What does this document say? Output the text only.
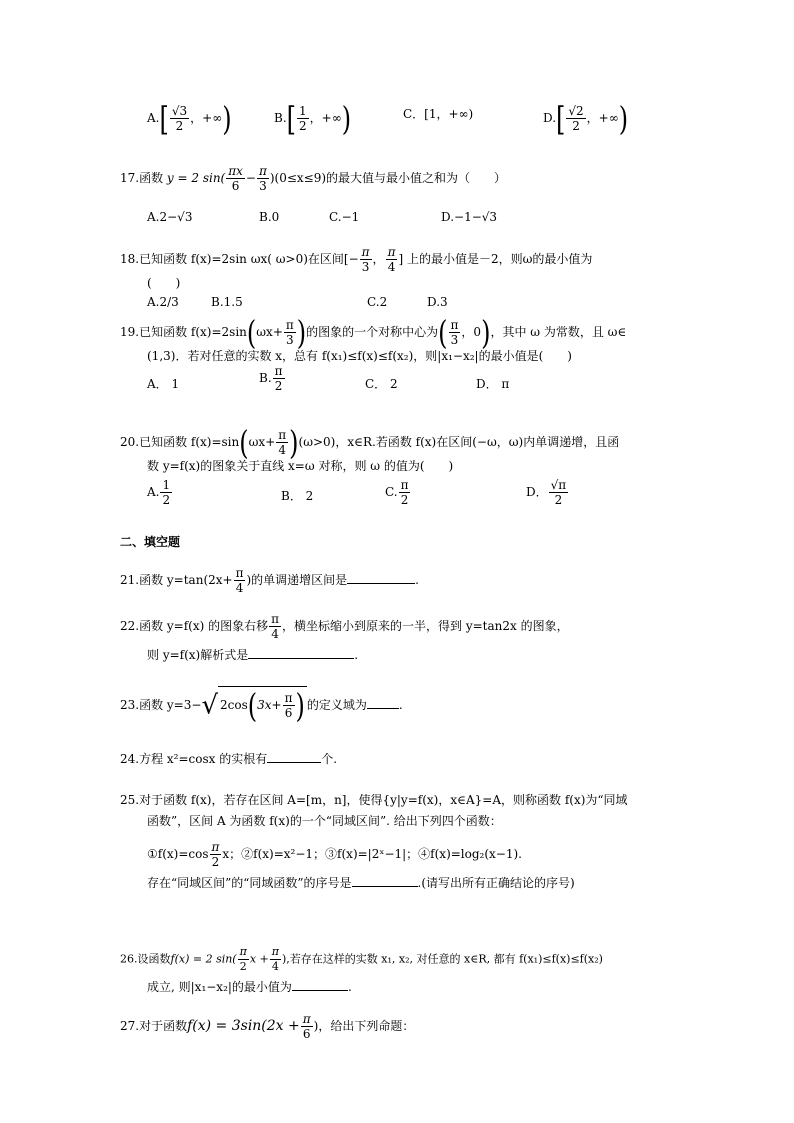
$A.[ \frac{√3}{2}$ ，+∞)	$B.[ \frac{1}{2}$ ，+∞)	C．[1，+∞)	$D.[ \frac{√2}{2}$ ，+∞)
17.函数 y = 2 $\sin( \frac{\pi x}{6} - \frac{\pi}{3} )(0\le x\le 9)$的最大值与最小值之和为（　　）
A.2−√3	B.0	C.−1	D.−1−√3
18.已知函数 f(x)=2sin ωx( ω>0)在区间[− $\frac{\pi}{3}$ ， $\frac{\pi}{4}$ ] 上的最小值是－2，则ω的最小值为
(　　)
A.2/3	B.1.5	C.2	D.3
19.已知函数 $f(x)=2\sin(\omega x+ \frac{\pi}{3}$ )的图象的一个对称中心为( $\frac{\pi}{3}$ ，0)，其中 ω 为常数，且 ω∈
(1,3)．若对任意的实数 x，总有 f(x₁)≤f(x)≤f(x₂)，则|x₁−x₂|的最小值是(　　)
A． 1	B. $\frac{\pi}{2}$	C． 2	D． π
20.已知函数 $f(x)=\sin(\omega x+ \frac{\pi}{4} )(\omega>0)$，x∈R.若函数 f(x)在区间(−ω，ω)内单调递增，且函
数 y=f(x)的图象关于直线 x=ω 对称，则 ω 的值为(　　)
A. $\frac{1}{2}$	B． 2	C. $\frac{\pi}{2}$	D． $\frac{√\pi}{2}$
二、填空题
21.函数 $y=\tan(2x+ \frac{\pi}{4}$ )的单调递增区间是	.
22.函数 y=f(x) 的图象右移 $\frac{\pi}{4}$ ，横坐标缩小到原来的一半，得到 y=tan2x 的图象，
则 y=f(x)解析式是	.
23.函数 y=3−√ $2\cos(3x+ \frac{\pi}{6}$ ) 的定义域为	.
24.方程 x²=cosx 的实根有	个.
25.对于函数 f(x)，若存在区间 A=[m，n]，使得{y|y=f(x)，x∈A}=A，则称函数 f(x)为“同域
函数”，区间 A 为函数 f(x)的一个“同域区间”. 给出下列四个函数：
①f(x)=cos $\frac{\pi}{2}$ x；②f(x)=x²−1；③f(x)=|2ˣ−1|；④f(x)=log₂(x−1).
存在“同域区间”的“同域函数”的序号是	.(请写出所有正确结论的序号)
26.设函数f(x) = 2 $\sin( \frac{\pi}{2}$ $x + \frac{\pi}{4}$ ),若存在这样的实数 x₁, x₂, 对任意的 x∈R, 都有 f(x₁)≤f(x)≤f(x₂)
成立, 则|x₁−x₂|的最小值为	.
27.对于函数$f(x) = 3\sin(2x + \frac{\pi}{6}$ )，给出下列命题：
